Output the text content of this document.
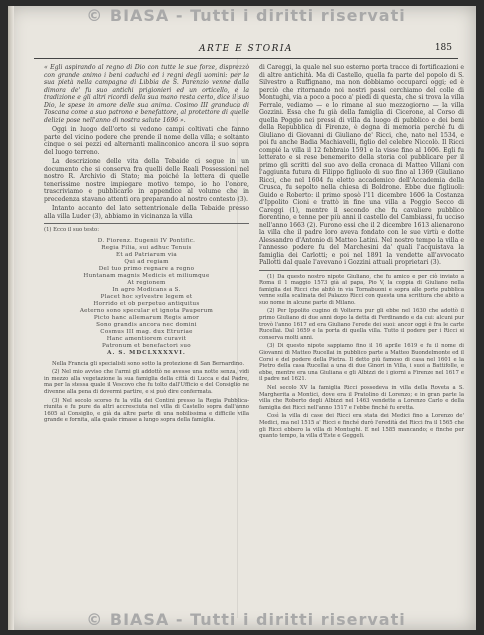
© BIASA - Tutti i diritti riservati
ARTE E STORIA	185

« Egli aspirando al regno di Dio con tutte le sue forze, disprezzò con grande animo i beni caduchi ed i regni degli uomini: per la sua pietà nella campagna di Libbia de S. Parenzio venne dalla dimora de' fu suo antichi prigionieri ed un orticello, e la tradizione e gli altri ricordi della sua mano resta certo, dice il suo Dio, le spese in amore delle sua anima. Cosimo III granduca di Toscana come a suo patrono e benefattore, al protettore di quelle delizie pose nell'anno di nostra salute 1696 ».

Oggi in luogo dell'orto si vedono campi coltivati che fanno parte del vicino podere che prende il nome della villa; e soltanto cinque o sei pezzi ed alternanti malinconico ancora il suo sopra del luogo terreno.

La descrizione delle vita della Tebaide ci segue in un documento che si conserva fra quelli delle Reali Possessioni nel nostro R. Archivio di Stato; ma poiché la lettera di quelle tenerissime nostre impiegare motivo tempo, io ho l'onore, trascriviamo e pubblicarlo in appendice al volume che in precedenza stavano attenti ora preparando al nostro contesto (3).

Intanto accanto del lato settentrionale della Tebaide presso alla villa Luder (3), abbiamo in vicinanza la villa

(1) Ecco il suo testo:

D. Fiorenz. Eugenii IV Pontific.
Regia Filia, sui adhuc Tenuis
Et ad Patriarum via
Qui ad regiam
Del tuo primo regnare a regno
Huntanam magnis Medicis et miliumque
At regionem
In agro Modicans a S.
Placet hoc sylvestre legem et
Horrido et ob perpetuo antiquitus
Aeterno sono specular et ignota Pauperum
Picto hanc allemarum Regis amor
Sono grandis ancora nec domini
Cosmus III mag. dux Etruriae
Hanc amentiorem curavit
Patronum et benefactori suo
A. S. MDCLXXXXVI.

Nella Francia gli specialisti sono sotto la protezione di San Bernardino.

(2) Nel mio avviso che l'armi gli addottò ne avesse una notte senza, vidi in mezzo alla vegetazione la sua famiglia della città di Lucca e dal Padre, ma per la stessa quale il Vescovo che fu tolto dall'Ufficio e del Consiglio ne divenne alla pena di dovermi partire, e si può dire confermata.

(3) Nel secolo scorso fu la villa dei Contini presso la Regia Pubblica-riunita e fu pure da altri accresciuta nel villa di Castello sopra dall'anno 1605 al Consiglio, e già da altre parte di una nobilissima e difficile villa grande e fornita, alla quale rimase a lungo sopra della famiglia.

di Careggi, la quale nel suo esterno porta tracce di fortificazioni e di altre antichità. Ma di Castello, quella fa parte del popolo di S. Silvestro a Ruffignano, ma non dobbiamo occuparci oggi; ed è perciò che ritornando noi nostri passi cerchiamo del colle di Montughi, via a poco a poco a' piedi di questa, che si trova la villa Ferrale, vediamo — e lo rimane al suo mezzogiorno — la villa Gozzini. Essa che fu già della famiglia di Cicerone, al Corso di quella Poggio nei pressi di villa da luogo di pubblico e dei beni della Repubblica di Firenze, è degna di memoria perché fu di Giuliano di Giovanni di Giuliano de' Ricci, che, nato nel 1534, e poi fu anche Badia Machiavelli, figlio del celebre Niccolò. Il Ricci compié la villa il 12 febbraio 1591 e la visse fino al 1606. Egli fu letterato e si rese benemerito della storia col pubblicare per il primo gli scritti del suo avo della cronaca di Matteo Villani con l'aggiunta futura di Filippo figliuolo di suo fino al 1369 (Giuliano Ricci, che nel 1604 fu eletto accademico dell'Accademia della Crusca, fu sepolto nella chiesa di Boldrone. Ebbe due figliuoli: Guido e Roberto: il primo sposò l'11 dicembre 1606 la Costanza d'Ippolito Cioni e trattò in fine una villa a Poggio Secco di Careggi (1), mentre il secondo che fu cavaliere pubblico fiorentino, e tenne per più anni il castello del Cambiassi, fu ucciso nell'anno 1663 (2). Furono essi che il 2 dicembre 1613 alienarono la villa che il padre loro aveva fondato con le sue virtù e dotte Alessandro d'Antonio di Matteo Latini. Nel nostro tempo la villa e l'annesso podere fu del Marchesini da' quali l'acquistava la famiglia dei Carlotti; e poi nel 1891 la vendette all'avvocato Pallotti dal quale l'avevano i Gozzini attuali proprietari (3).

(1) Da questo nostro nipote Giuliano, che fu amico e per ciò inviato a Roma il 1 maggio 1573 già al papa, Pio V, la coppia di Giuliano nella famiglia dei Ricci che abitò in via Tornabuoni e sopra alle porte pubblica venne sulla scalinata del Palazzo Ricci con questa una scrittura che abitò a suo nome in alcune parte di Milano.

(2) Per Ippolito cugino di Volterra pur gli ebbe nel 1630 che adottò il primo Giuliano di due anni dopo la detta di Ferdinando e da cui: alcuni pur trovò l'anno 1617 ed era Giuliano l'erede dei suoi: ancor oggi è fra le carte Rucellai. Dal 1659 e la porta di quella villa. Tutto il podere per i Ricci si conserva molti anni.

(3) Di questo nipote sappiamo fino il 16 aprile 1619 e fu il nome di Giovanni di Matteo Rucellai in pubblico parte a Matteo Buondelmonte ed il Corsi e del podere della Pietra. Il detto più famoso di casa nel 1601 e la Pietro della casa Rucellai a una di due Ginori in Villa, i suoi a Battifolle, e ebbe, mentre era una Giuliana e gli Albizzi de i giorni a Firenze nel 1617 e il padre nel 1621.

Nel secolo XV la famiglia Ricci possedeva in villa della Roveta a S. Margherita a Montici, dove era il Pratolino di Lorenzo; e in gran parte la villa che Roberto degli Albizzi nel 1463 vendette a Lorenzo Carlo e della famiglia dei Ricci nell'anno 1517 e l'ebbe finché fu eretta.

Così la villa di case dei Ricci era stata dei Medici fino a Lorenzo de' Medici, ma nel 1515 a' Ricci e finché durò l'eredità del Ricci fra il 1565 che gli Ricci ebbero la villa di Montughi. E nel 1585 mancando; e finche per quanto tempo, la villa d'Este e Geggeli.

© BIASA - Tutti i diritti riservati
